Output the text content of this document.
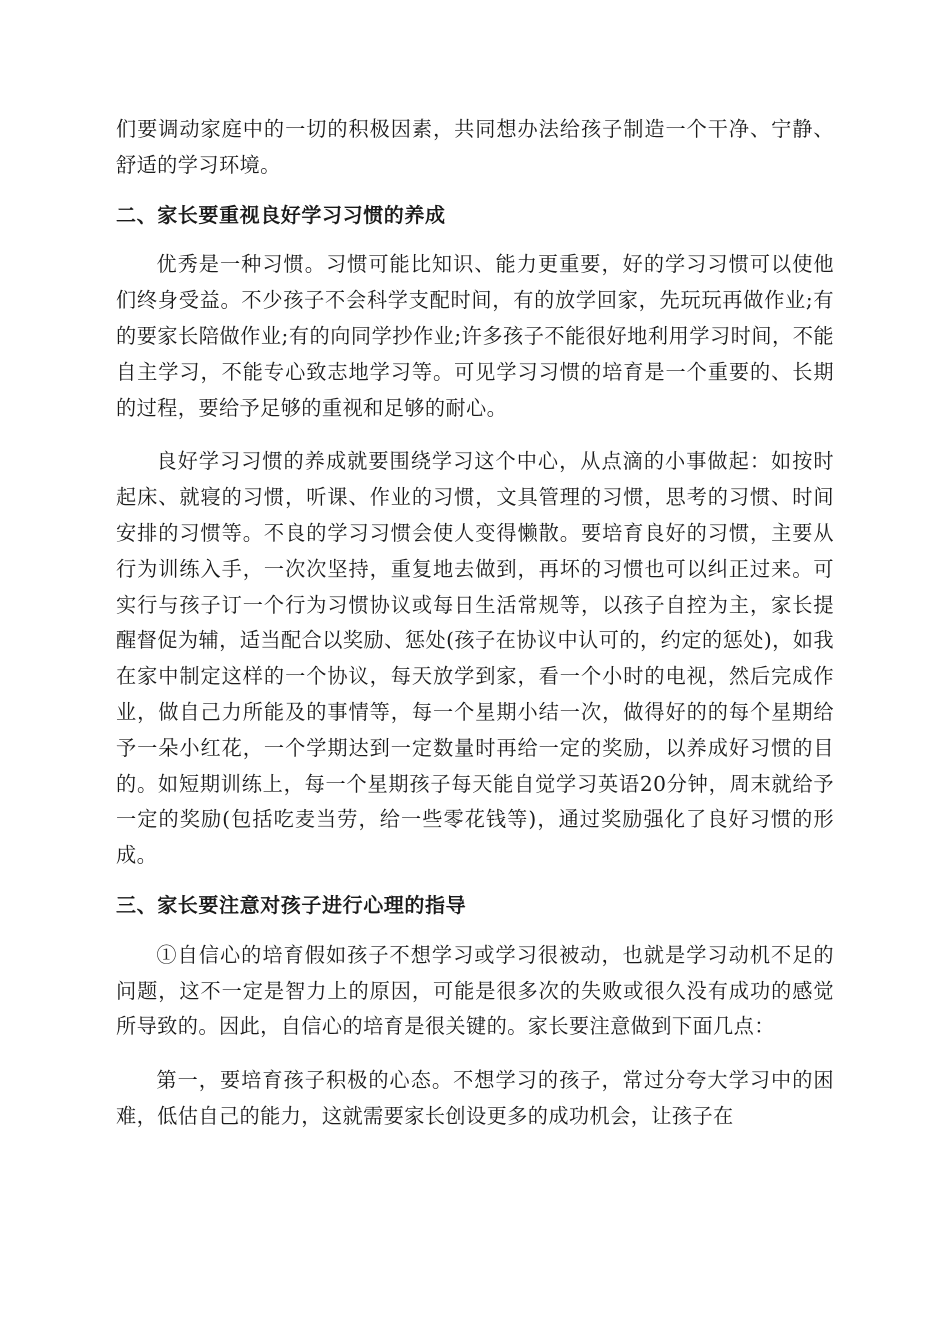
们要调动家庭中的一切的积极因素，共同想办法给孩子制造一个干净、宁静、舒适的学习环境。

二、家长要重视良好学习习惯的养成

优秀是一种习惯。习惯可能比知识、能力更重要，好的学习习惯可以使他们终身受益。不少孩子不会科学支配时间，有的放学回家，先玩玩再做作业;有的要家长陪做作业;有的向同学抄作业;许多孩子不能很好地利用学习时间，不能自主学习，不能专心致志地学习等。可见学习习惯的培育是一个重要的、长期的过程，要给予足够的重视和足够的耐心。

良好学习习惯的养成就要围绕学习这个中心，从点滴的小事做起：如按时起床、就寝的习惯，听课、作业的习惯，文具管理的习惯，思考的习惯、时间安排的习惯等。不良的学习习惯会使人变得懒散。要培育良好的习惯，主要从行为训练入手，一次次坚持，重复地去做到，再坏的习惯也可以纠正过来。可实行与孩子订一个行为习惯协议或每日生活常规等，以孩子自控为主，家长提醒督促为辅，适当配合以奖励、惩处(孩子在协议中认可的，约定的惩处)，如我在家中制定这样的一个协议，每天放学到家，看一个小时的电视，然后完成作业，做自己力所能及的事情等，每一个星期小结一次，做得好的的每个星期给予一朵小红花，一个学期达到一定数量时再给一定的奖励，以养成好习惯的目的。如短期训练上，每一个星期孩子每天能自觉学习英语20分钟，周末就给予一定的奖励(包括吃麦当劳，给一些零花钱等)，通过奖励强化了良好习惯的形成。

三、家长要注意对孩子进行心理的指导

①自信心的培育假如孩子不想学习或学习很被动，也就是学习动机不足的问题，这不一定是智力上的原因，可能是很多次的失败或很久没有成功的感觉所导致的。因此，自信心的培育是很关键的。家长要注意做到下面几点：

第一，要培育孩子积极的心态。不想学习的孩子，常过分夸大学习中的困难，低估自己的能力，这就需要家长创设更多的成功机会，让孩子在
